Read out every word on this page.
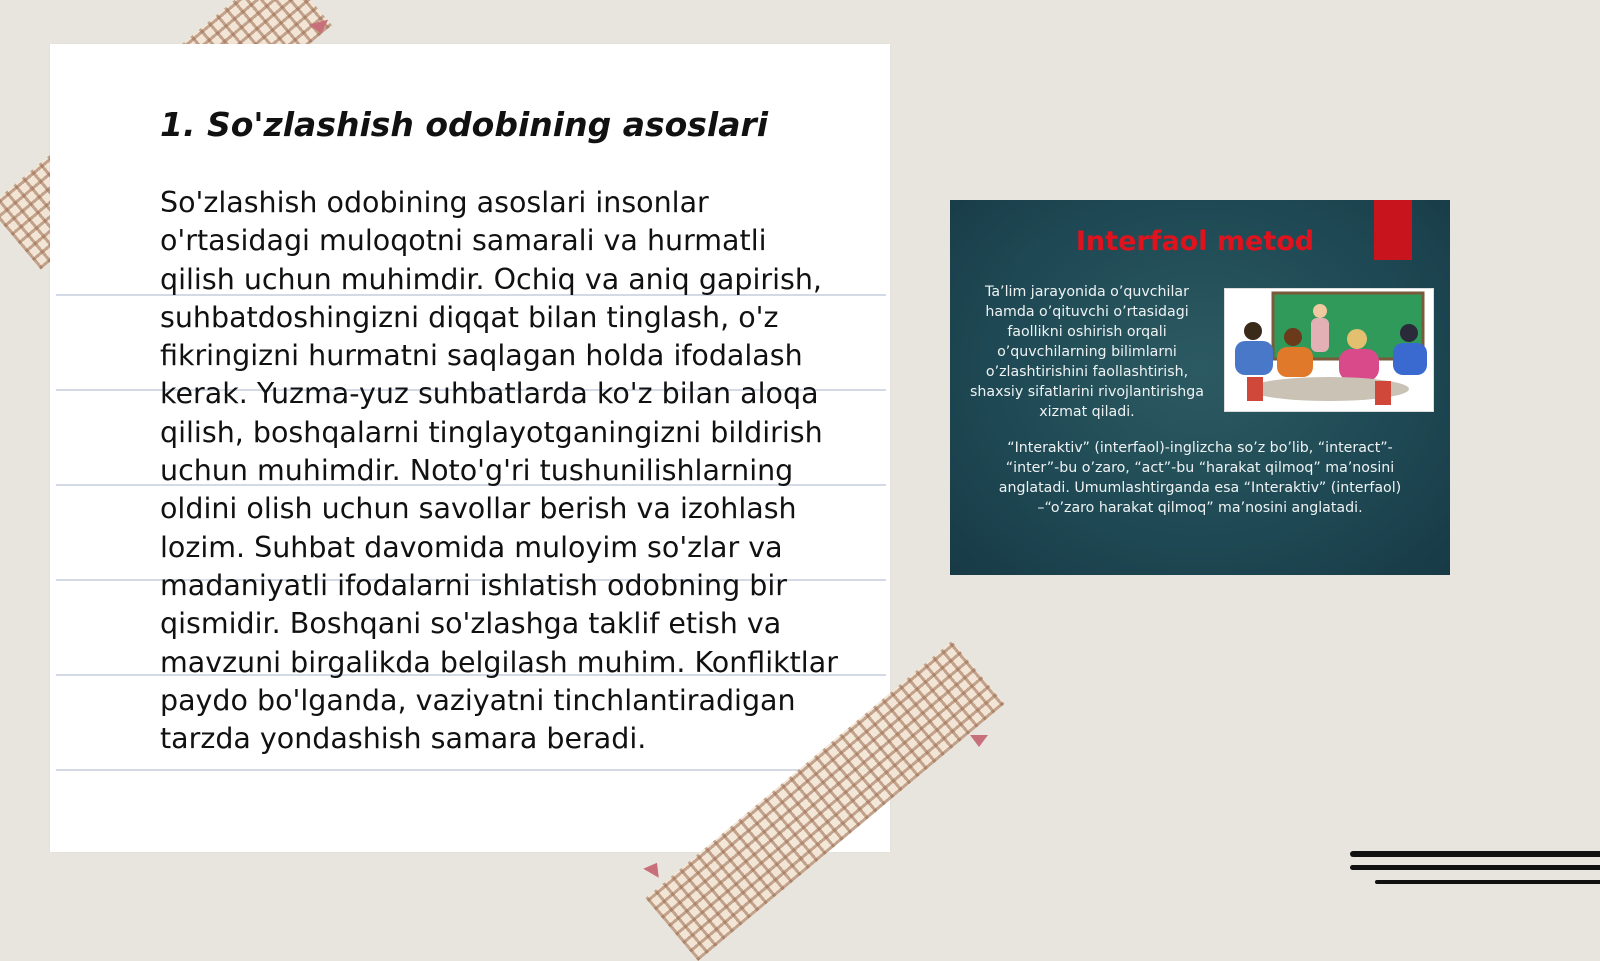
1. So'zlashish odobining asoslari

So'zlashish odobining asoslari insonlar o'rtasidagi muloqotni samarali va hurmatli qilish uchun muhimdir. Ochiq va aniq gapirish, suhbatdoshingizni diqqat bilan tinglash, o'z fikringizni hurmatni saqlagan holda ifodalash kerak. Yuzma-yuz suhbatlarda ko'z bilan aloqa qilish, boshqalarni tinglayotganingizni bildirish uchun muhimdir. Noto'g'ri tushunilishlarning oldini olish uchun savollar berish va izohlash lozim. Suhbat davomida muloyim so'zlar va madaniyatli ifodalarni ishlatish odobning bir qismidir. Boshqani so'zlashga taklif etish va mavzuni birgalikda belgilash muhim. Konfliktlar paydo bo'lganda, vaziyatni tinchlantiradigan tarzda yondashish samara beradi.

Interfaol metod

Ta’lim jarayonida o’quvchilar hamda o’qituvchi o’rtasidagi faollikni oshirish orqali o’quvchilarning bilimlarni o’zlashtirishini faollashtirish, shaxsiy sifatlarini rivojlantirishga xizmat qiladi.

“Interaktiv” (interfaol)-inglizcha so’z bo’lib, “interact”- “inter”-bu o’zaro, “act”-bu “harakat qilmoq” ma’nosini anglatadi. Umumlashtirganda esa “Interaktiv” (interfaol) –“o’zaro harakat qilmoq” ma’nosini anglatadi.
